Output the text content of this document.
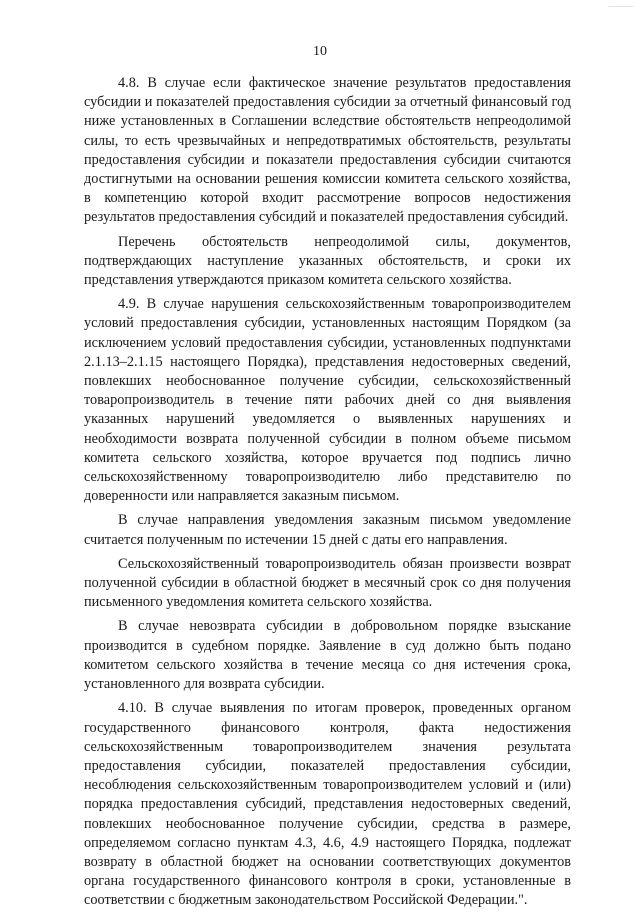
————
10

4.8. В случае если фактическое значение результатов предоставления субсидии и показателей предоставления субсидии за отчетный финансовый год ниже установленных в Соглашении вследствие обстоятельств непреодолимой силы, то есть чрезвычайных и непредотвратимых обстоятельств, результаты предоставления субсидии и показатели предоставления субсидии считаются достигнутыми на основании решения комиссии комитета сельского хозяйства, в компетенцию которой входит рассмотрение вопросов недостижения результатов предоставления субсидий и показателей предоставления субсидий.

Перечень обстоятельств непреодолимой силы, документов, подтверждающих наступление указанных обстоятельств, и сроки их представления утверждаются приказом комитета сельского хозяйства.

4.9. В случае нарушения сельскохозяйственным товаропроизводителем условий предоставления субсидии, установленных настоящим Порядком (за исключением условий предоставления субсидии, установленных подпунктами 2.1.13–2.1.15 настоящего Порядка), представления недостоверных сведений, повлекших необоснованное получение субсидии, сельскохозяйственный товаропроизводитель в течение пяти рабочих дней со дня выявления указанных нарушений уведомляется о выявленных нарушениях и необходимости возврата полученной субсидии в полном объеме письмом комитета сельского хозяйства, которое вручается под подпись лично сельскохозяйственному товаропроизводителю либо представителю по доверенности или направляется заказным письмом.

В случае направления уведомления заказным письмом уведомление считается полученным по истечении 15 дней с даты его направления.

Сельскохозяйственный товаропроизводитель обязан произвести возврат полученной субсидии в областной бюджет в месячный срок со дня получения письменного уведомления комитета сельского хозяйства.

В случае невозврата субсидии в добровольном порядке взыскание производится в судебном порядке. Заявление в суд должно быть подано комитетом сельского хозяйства в течение месяца со дня истечения срока, установленного для возврата субсидии.

4.10. В случае выявления по итогам проверок, проведенных органом государственного финансового контроля, факта недостижения сельскохозяйственным товаропроизводителем значения результата предоставления субсидии, показателей предоставления субсидии, несоблюдения сельскохозяйственным товаропроизводителем условий и (или) порядка предоставления субсидий, представления недостоверных сведений, повлекших необоснованное получение субсидии, средства в размере, определяемом согласно пунктам 4.3, 4.6, 4.9 настоящего Порядка, подлежат возврату в областной бюджет на основании соответствующих документов органа государственного финансового контроля в сроки, установленные в соответствии с бюджетным законодательством Российской Федерации.".
